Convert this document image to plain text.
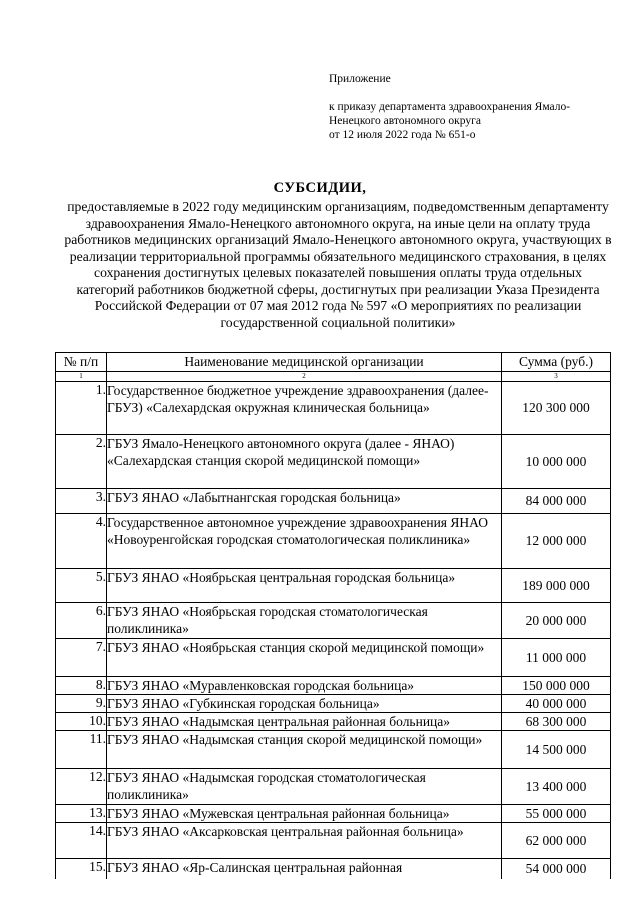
Приложение
к приказу департамента здравоохранения Ямало-
Ненецкого автономного округа
от 12 июля 2022 года № 651-о
СУБСИДИИ,
предоставляемые в 2022 году медицинским организациям, подведомственным департаменту здравоохранения Ямало-Ненецкого автономного округа, на иные цели на оплату труда работников медицинских организаций Ямало-Ненецкого автономного округа, участвующих в реализации территориальной программы обязательного медицинского страхования, в целях сохранения достигнутых целевых показателей повышения оплаты труда отдельных категорий работников бюджетной сферы, достигнутых при реализации Указа Президента Российской Федерации от 07 мая 2012 года № 597 «О мероприятиях по реализации государственной социальной политики»
№ п/п	Наименование медицинской организации	Сумма (руб.)
1	2	3
1.	Государственное бюджетное учреждение здравоохранения (далее-ГБУЗ) «Салехардская окружная клиническая больница»	120 300 000
2.	ГБУЗ Ямало-Ненецкого автономного округа (далее - ЯНАО) «Салехардская станция скорой медицинской помощи»	10 000 000
3.	ГБУЗ ЯНАО «Лабытнангская городская больница»	84 000 000
4.	Государственное автономное учреждение здравоохранения ЯНАО «Новоуренгойская городская стоматологическая поликлиника»	12 000 000
5.	ГБУЗ ЯНАО «Ноябрьская центральная городская больница»	189 000 000
6.	ГБУЗ ЯНАО «Ноябрьская городская стоматологическая поликлиника»	20 000 000
7.	ГБУЗ ЯНАО «Ноябрьская станция скорой медицинской помощи»	11 000 000
8.	ГБУЗ ЯНАО «Муравленковская городская больница»	150 000 000
9.	ГБУЗ ЯНАО «Губкинская городская больница»	40 000 000
10.	ГБУЗ ЯНАО «Надымская центральная районная больница»	68 300 000
11.	ГБУЗ ЯНАО «Надымская станция скорой медицинской помощи»	14 500 000
12.	ГБУЗ ЯНАО «Надымская городская стоматологическая поликлиника»	13 400 000
13.	ГБУЗ ЯНАО «Мужевская центральная районная больница»	55 000 000
14.	ГБУЗ ЯНАО «Аксарковская центральная районная больница»	62 000 000
15.	ГБУЗ ЯНАО «Яр-Салинская центральная районная	54 000 000
